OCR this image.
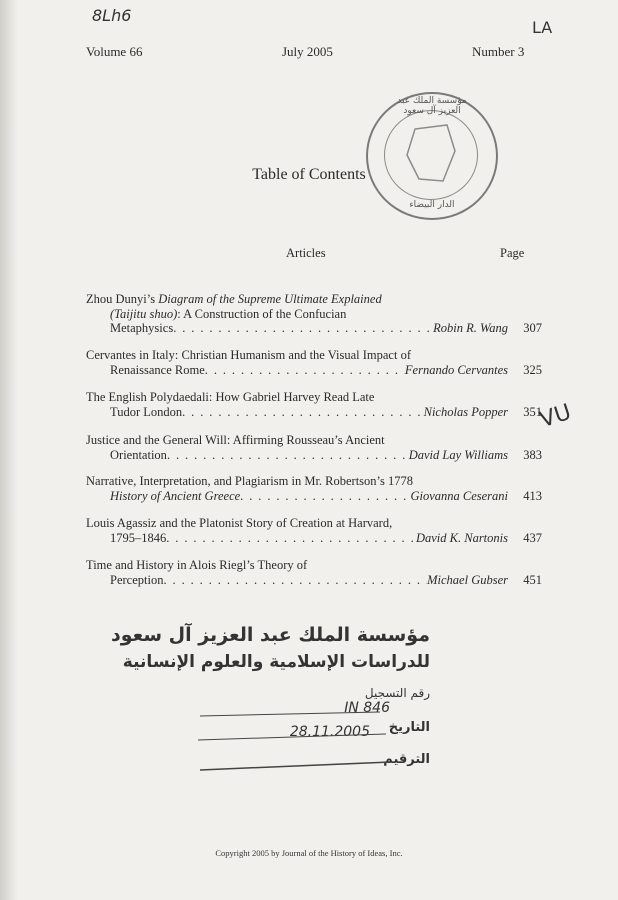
8Lh6
LA
VU
Volume 66	July 2005	Number 3
مؤسسة الملك عبد العزيز آل سعود
الدار البيضاء
Table of Contents
Articles	Page
Zhou Dunyi’s Diagram of the Supreme Ultimate Explained
(Taijitu shuo): A Construction of the Confucian
Metaphysics . . .	Robin R. Wang	307
Cervantes in Italy: Christian Humanism and the Visual Impact of
Renaissance Rome . . .	Fernando Cervantes	325
The English Polydaedali: How Gabriel Harvey Read Late
Tudor London . . .	Nicholas Popper	351
Justice and the General Will: Affirming Rousseau’s Ancient
Orientation . . .	David Lay Williams	383
Narrative, Interpretation, and Plagiarism in Mr. Robertson’s 1778
History of Ancient Greece . . .	Giovanna Ceserani	413
Louis Agassiz and the Platonist Story of Creation at Harvard,
1795–1846 . . .	David K. Nartonis	437
Time and History in Alois Riegl’s Theory of
Perception . . .	Michael Gubser	451
مؤسسة الملك عبد العزيز آل سعود
للدراسات الإسلامية والعلوم الإنسانية
رقم التسجيل
IN 846
التاريخ
28.11.2005
الترقيم
Copyright 2005 by Journal of the History of Ideas, Inc.
